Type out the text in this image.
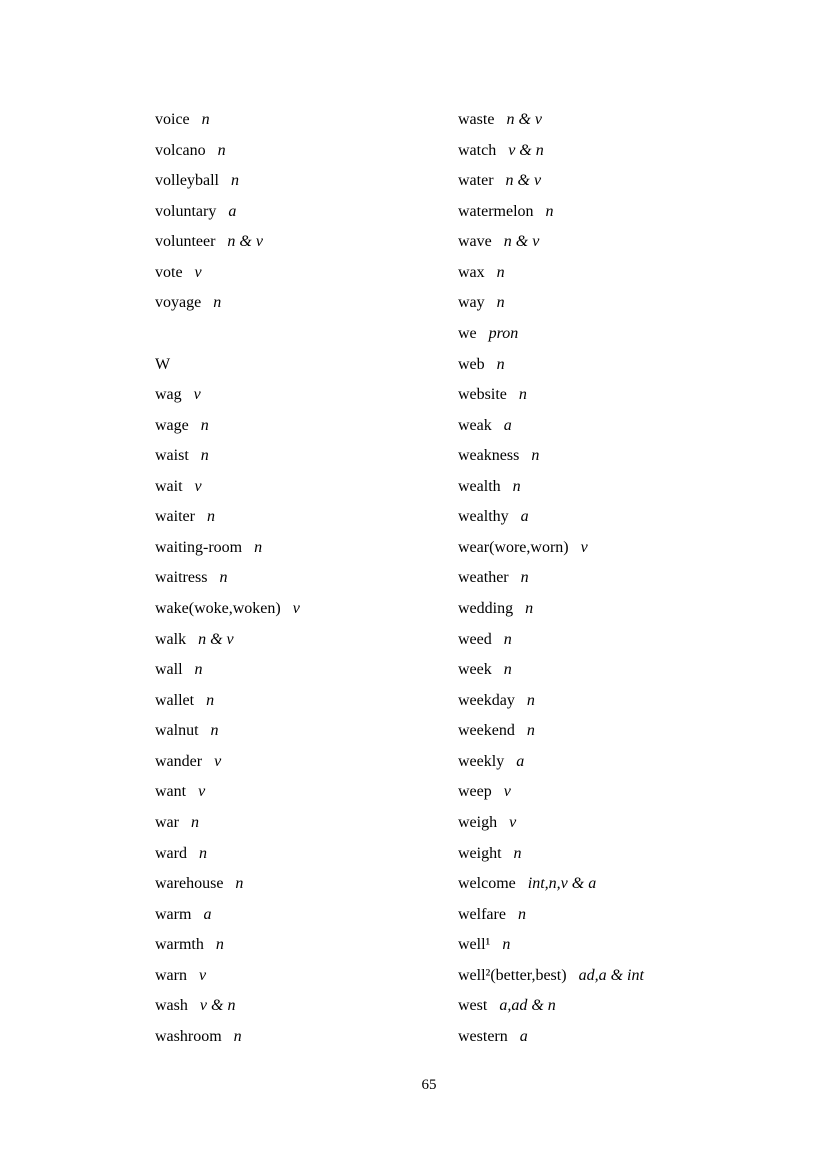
voice n
volcano n
volleyball n
voluntary a
volunteer n & v
vote v
voyage n
W
wag v
wage n
waist n
wait v
waiter n
waiting-room n
waitress n
wake(woke,woken) v
walk n & v
wall n
wallet n
walnut n
wander v
want v
war n
ward n
warehouse n
warm a
warmth n
warn v
wash v & n
washroom n
waste n & v
watch v & n
water n & v
watermelon n
wave n & v
wax n
way n
we pron
web n
website n
weak a
weakness n
wealth n
wealthy a
wear(wore,worn) v
weather n
wedding n
weed n
week n
weekday n
weekend n
weekly a
weep v
weigh v
weight n
welcome int,n,v & a
welfare n
well¹ n
well²(better,best) ad,a & int
west a,ad & n
western a
65
